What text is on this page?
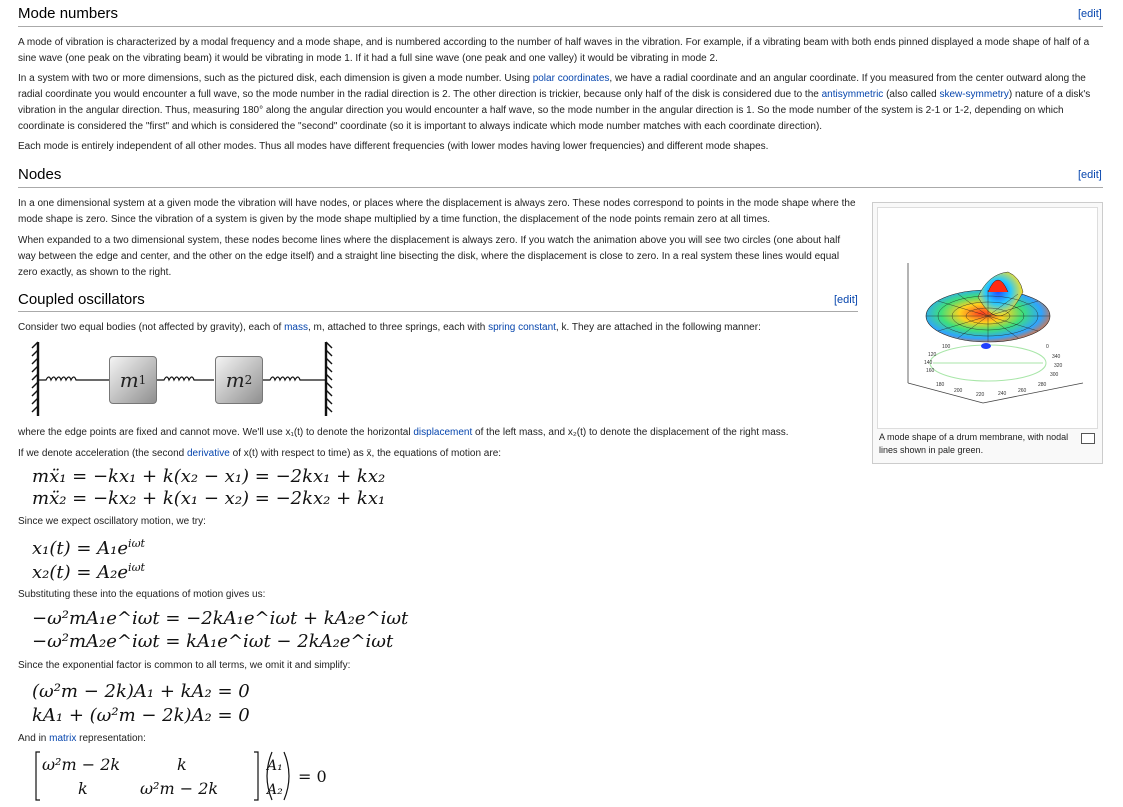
Mode numbers	[edit]
A mode of vibration is characterized by a modal frequency and a mode shape, and is numbered according to the number of half waves in the vibration. For example, if a vibrating beam with both ends pinned displayed a mode shape of half of a sine wave (one peak on the vibrating beam) it would be vibrating in mode 1. If it had a full sine wave (one peak and one valley) it would be vibrating in mode 2.
In a system with two or more dimensions, such as the pictured disk, each dimension is given a mode number. Using polar coordinates, we have a radial coordinate and an angular coordinate. If you measured from the center outward along the radial coordinate you would encounter a full wave, so the mode number in the radial direction is 2. The other direction is trickier, because only half of the disk is considered due to the antisymmetric (also called skew-symmetry) nature of a disk's vibration in the angular direction. Thus, measuring 180° along the angular direction you would encounter a half wave, so the mode number in the angular direction is 1. So the mode number of the system is 2-1 or 1-2, depending on which coordinate is considered the "first" and which is considered the "second" coordinate (so it is important to always indicate which mode number matches with each coordinate direction).
Each mode is entirely independent of all other modes. Thus all modes have different frequencies (with lower modes having lower frequencies) and different mode shapes.
Nodes	[edit]
In a one dimensional system at a given mode the vibration will have nodes, or places where the displacement is always zero. These nodes correspond to points in the mode shape where the mode shape is zero. Since the vibration of a system is given by the mode shape multiplied by a time function, the displacement of the node points remain zero at all times.
When expanded to a two dimensional system, these nodes become lines where the displacement is always zero. If you watch the animation above you will see two circles (one about half way between the edge and center, and the other on the edge itself) and a straight line bisecting the disk, where the displacement is close to zero. In a real system these lines would equal zero exactly, as shown to the right.
100
120
140
160
180
200
220	240 260
280
0
340
320
300
A mode shape of a drum membrane, with nodal lines shown in pale green.
Coupled oscillators	[edit]
Consider two equal bodies (not affected by gravity), each of mass, m, attached to three springs, each with spring constant, k. They are attached in the following manner:
m 1	m 2
where the edge points are fixed and cannot move. We'll use x₁(t) to denote the horizontal displacement of the left mass, and x₂(t) to denote the displacement of the right mass.
If we denote acceleration (the second derivative of x(t) with respect to time) as ẍ, the equations of motion are:
mẍ₁ = −kx₁ + k(x₂ − x₁) = −2kx₁ + kx₂
mẍ₂ = −kx₂ + k(x₁ − x₂) = −2kx₂ + kx₁
Since we expect oscillatory motion, we try:
$x_1(t) = A_1e^{i\omega t}$
$x_2(t) = A_2e^{i\omega t}$
Substituting these into the equations of motion gives us:
−ω²mA₁e^iωt = −2kA₁e^iωt + kA₂e^iωt
−ω²mA₂e^iωt = kA₁e^iωt − 2kA₂e^iωt
Since the exponential factor is common to all terms, we omit it and simplify:
(ω²m − 2k)A₁ + kA₂ = 0
kA₁ + (ω²m − 2k)A₂ = 0
And in matrix representation:
ω²m − 2k	k
k	ω²m − 2k
A₁
A₂
= 0
